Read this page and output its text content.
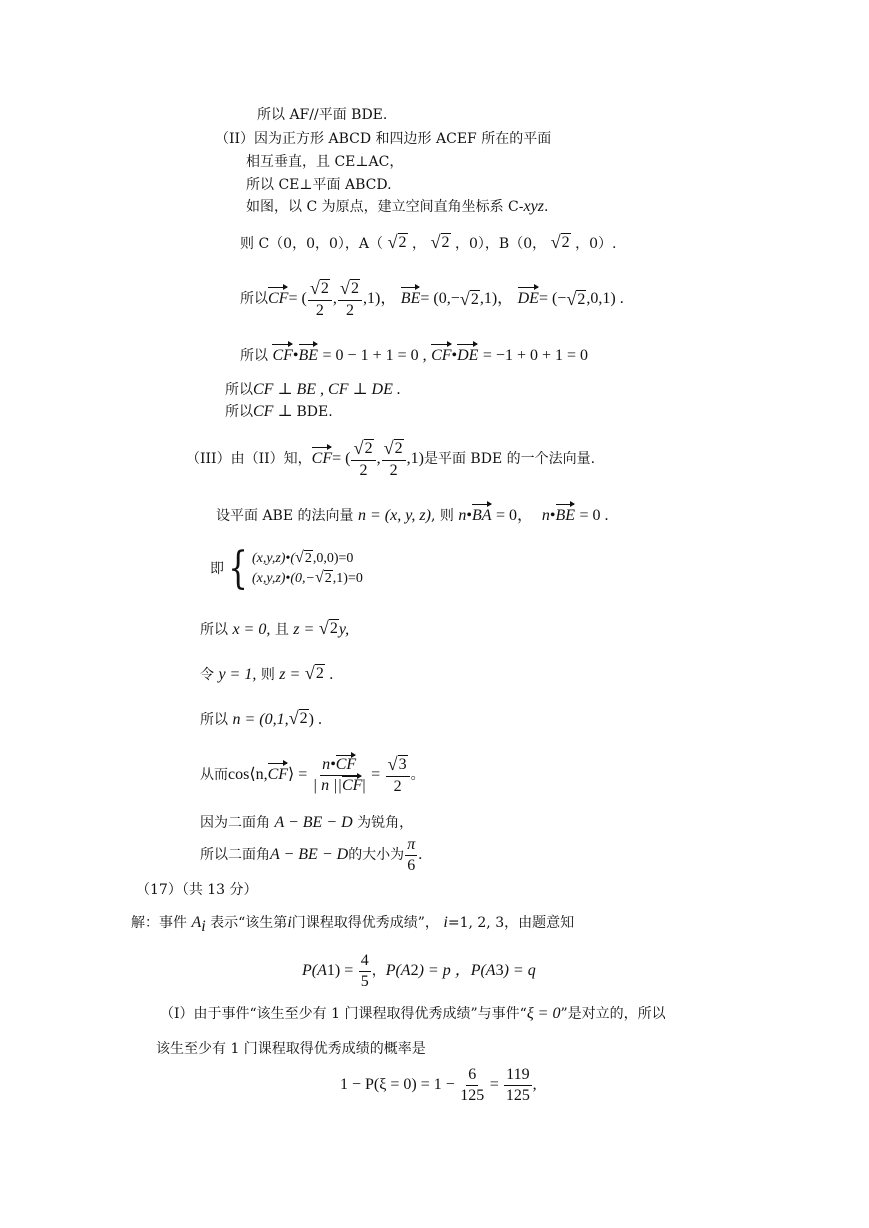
所以 AF//平面 BDE.
（II）因为正方形 ABCD 和四边形 ACEF 所在的平面
相互垂直，且 CE⊥AC，
所以 CE⊥平面 ABCD.
如图，以 C 为原点，建立空间直角坐标系 C-xyz.
则 C（0，0，0），A（ √ 2 ， √ 2 ，0），B（0， √ 2 ，0）.
所以 CF = ( $\frac{√ 2}{2}$ , $\frac{√ 2}{2} ,1$)，
BE = (0,− √ 2 ,1)，
DE = (− √ 2 ,0,1) .
所以 CF•BE = 0 − 1 + 1 = 0 , CF•DE = −1 + 0 + 1 = 0
所以CF ⊥ BE , CF ⊥ DE .
所以CF ⊥ BDE.
（III）由（II）知， CF = ( $\frac{√ 2}{2}$ , $\frac{√ 2}{2} ,1$) 是平面 BDE 的一个法向量.
设平面 ABE 的法向量 n = (x, y, z), 则 n•BA = 0， n•BE = 0 .
即 { (x,y,z)•( √ 2 ,0,0)=0
(x,y,z)•(0,− √ 2 ,1)=0
所以 x = 0, 且 z = √ 2 y,
令 y = 1, 则 z = √ 2 .
所以 n = (0,1, √ 2 ) .
从而 cos⟨n, CF ⟩ =
$\frac{n•CF}{| n ||CF|}$
=
$\frac{√ 3}{2}$ 。
因为二面角 A − BE − D 为锐角，
所以二面角 A − BE − D 的大小为 $\frac{\pi}{6}$ .
（17）（共 13 分）
解：事件 $A_i$ 表示“该生第i门课程取得优秀成绩”， i=1, 2, 3，由题意知
P(A 1 ) =
$\frac{4}{5}$ ， P(A 2 ) = p ， P(A 3 ) = q
（I）由于事件“该生至少有 1 门课程取得优秀成绩”与事件“ξ = 0”是对立的，所以
该生至少有 1 门课程取得优秀成绩的概率是
1 − P(ξ = 0) = 1 −
$\frac{6}{125}$
=
$\frac{119}{125}$ ,
